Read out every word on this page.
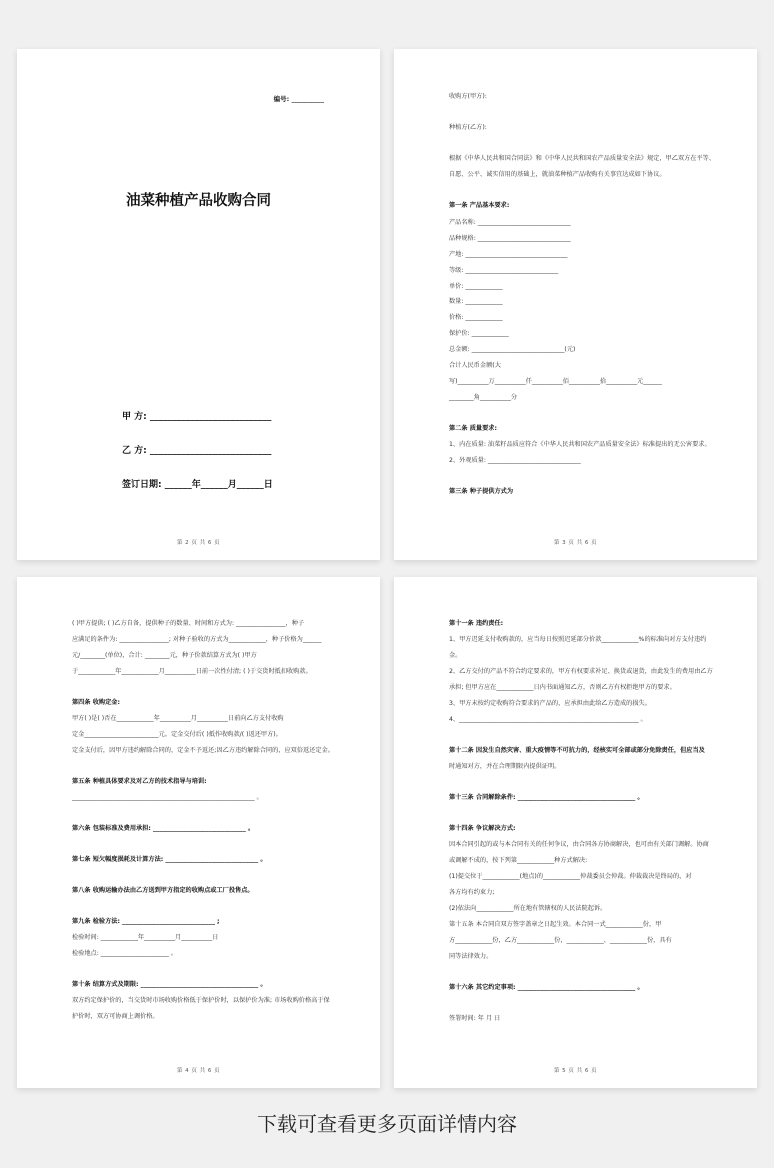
编号: __________
油菜种植产品收购合同
甲 方: ___________________________
乙 方: ___________________________
签订日期: ______年______月______日
第 2 页 共 6 页
收购方(甲方):
种植方(乙方):
根据《中华人民共和国合同法》和《中华人民共和国农产品质量安全法》规定，甲乙双方在平等、
自愿、公平、诚实信用的基础上，就油菜种植产品收购有关事宜达成如下协议。
第一条 产品基本要求:
产品名称: ______________________________
品种规格: ______________________________
产地: _________________________________
等级: ______________________________
单价: ____________
数量: ____________
价格: ____________
保护价: ____________
总金额: ______________________________(元)
合计人民币金额(大
写)__________万__________仟__________佰__________拾__________元______
________角__________分
第二条 质量要求:
1、内在质量: 油菜籽品质应符合《中华人民共和国农产品质量安全法》标准提出的无公害要求。
2、外观质量: ______________________________
第三条 种子提供方式为
第 3 页 共 6 页
( )甲方提供; ( )乙方自备，提供种子的数量、时间和方式为: ________________，种子
应满足的条件为: ________________; 对种子验收的方式为____________，种子价格为______
元/________(单位)，合计: ________元，种子价款结算方式为( )甲方
于____________年____________月__________日前一次性付清; ( )于交货时抵扣收购款。
第四条 收购定金:
甲方( )是( )否在____________年__________月__________日前向乙方支付收购
定金________________________元。定金交付后( )抵作收购款/( )返还甲方)。
定金支付后，因甲方违约解除合同的，定金不予返还;因乙方违约解除合同的，应双倍返还定金。
第五条 种植具体要求及对乙方的技术指导与培训:
___________________________________________________________ 。
第六条 包装标准及费用承担: ______________________________ 。
第七条 短欠幅度损耗及计算方法: ______________________________ 。
第八条 收购运输办法由乙方送到甲方指定的收购点或工厂投售点。
第九条 检验方法: ______________________________ ;
检验时间: ____________年__________月__________日
检验地点: ______________________ 。
第十条 结算方式及期限: ______________________________________ 。
双方约定保护价的，当交货时市场收购价格低于保护价时，以保护价为准; 市场收购价格高于保
护价时，双方可协商上调价格。
第 4 页 共 6 页
第十一条 违约责任:
1、甲方迟延支付收购款的，应当每日按照迟延部分价款____________%的标准向对方支付违约
金。
2、乙方交付的产品不符合约定要求的，甲方有权要求补足、换货或退货，由此发生的费用由乙方
承担; 但甲方应在____________日内书面通知乙方，否则乙方有权拒绝甲方的要求。
3、甲方未按约定收购符合要求的产品的，应承担由此给乙方造成的损失。
4、__________________________________________________________ 。
第十二条 因发生自然灾害、重大疫情等不可抗力的，经核实可全部或部分免除责任，但应当及
时通知对方，并在合理期限内提供证明。
第十三条 合同解除条件: ______________________________________ 。
第十四条 争议解决方式:
因本合同引起的或与本合同有关的任何争议，由合同各方协商解决，也可由有关部门调解。协商
或调解不成的，按下列第____________种方式解决:
(1)提交位于____________(地点)的____________仲裁委员会仲裁。仲裁裁决是终局的，对
各方均有约束力;
(2)依法向____________所在地有管辖权的人民法院起诉。
第十五条 本合同自双方签字盖章之日起生效。本合同一式____________份，甲
方____________份，乙方____________份，____________、____________份，具有
同等法律效力。
第十六条 其它约定事项: ______________________________________ 。
签署时间: 年 月 日
第 5 页 共 6 页
下载可查看更多页面详情内容
